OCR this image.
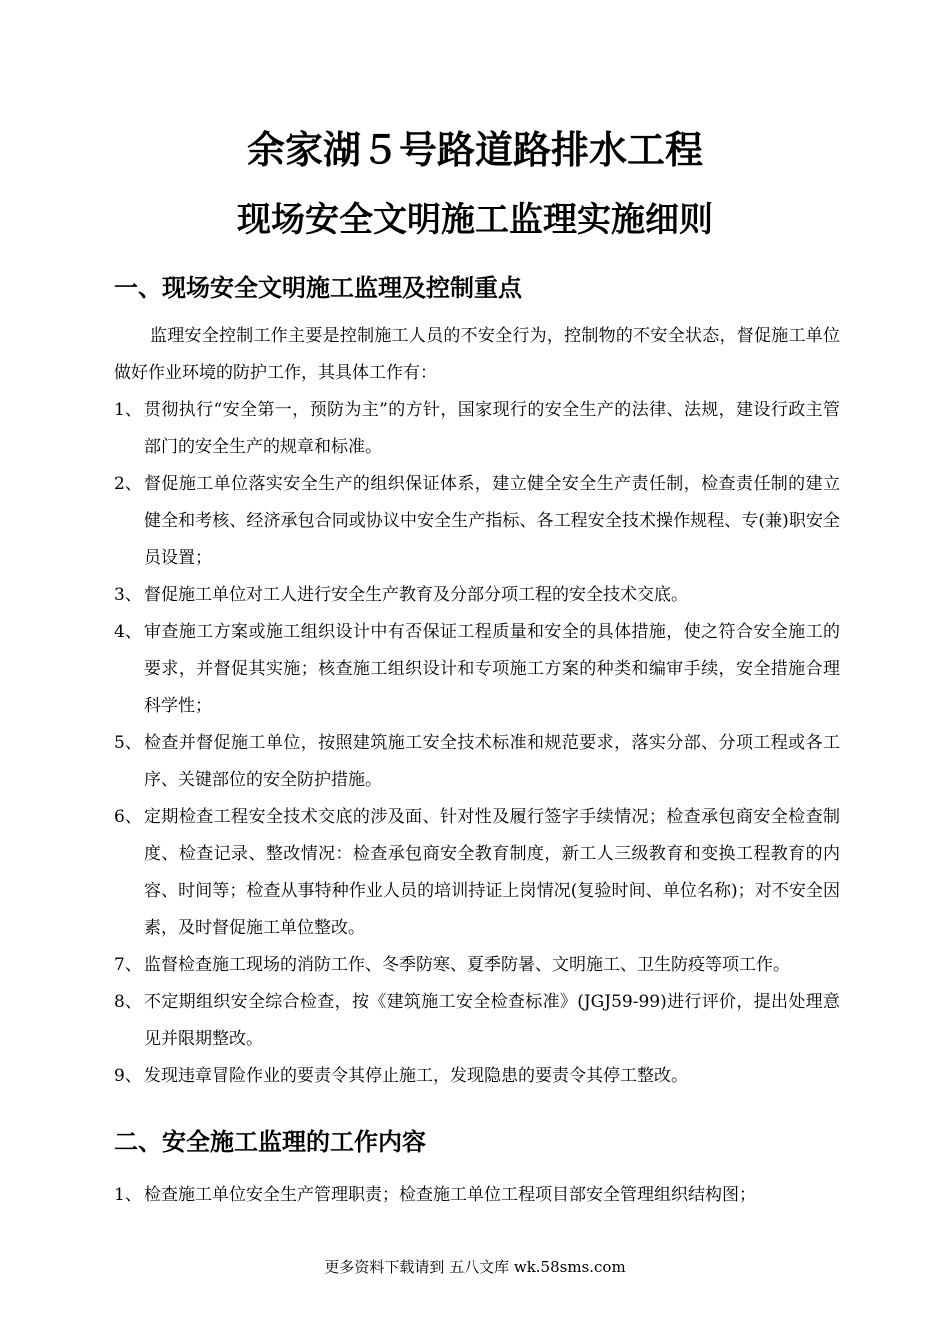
余家湖５号路道路排水工程
现场安全文明施工监理实施细则
一、现场安全文明施工监理及控制重点
监理安全控制工作主要是控制施工人员的不安全行为，控制物的不安全状态，督促施工单位做好作业环境的防护工作，其具体工作有：
1、 贯彻执行“安全第一，预防为主”的方针，国家现行的安全生产的法律、法规，建设行政主管部门的安全生产的规章和标准。
2、 督促施工单位落实安全生产的组织保证体系，建立健全安全生产责任制，检查责任制的建立健全和考核、经济承包合同或协议中安全生产指标、各工程安全技术操作规程、专(兼)职安全员设置；
3、 督促施工单位对工人进行安全生产教育及分部分项工程的安全技术交底。
4、 审查施工方案或施工组织设计中有否保证工程质量和安全的具体措施，使之符合安全施工的要求，并督促其实施；核查施工组织设计和专项施工方案的种类和编审手续，安全措施合理科学性；
5、 检查并督促施工单位，按照建筑施工安全技术标准和规范要求，落实分部、分项工程或各工序、关键部位的安全防护措施。
6、 定期检查工程安全技术交底的涉及面、针对性及履行签字手续情况；检查承包商安全检查制度、检查记录、整改情况：检查承包商安全教育制度，新工人三级教育和变换工程教育的内容、时间等；检查从事特种作业人员的培训持证上岗情况(复验时间、单位名称)；对不安全因素，及时督促施工单位整改。
7、 监督检查施工现场的消防工作、冬季防寒、夏季防暑、文明施工、卫生防疫等项工作。
8、 不定期组织安全综合检查，按《建筑施工安全检查标准》(JGJ59-99)进行评价，提出处理意见并限期整改。
9、 发现违章冒险作业的要责令其停止施工，发现隐患的要责令其停工整改。
二、安全施工监理的工作内容
1、 检查施工单位安全生产管理职责；检查施工单位工程项目部安全管理组织结构图；
更多资料下载请到 五八文库 wk.58sms.com
